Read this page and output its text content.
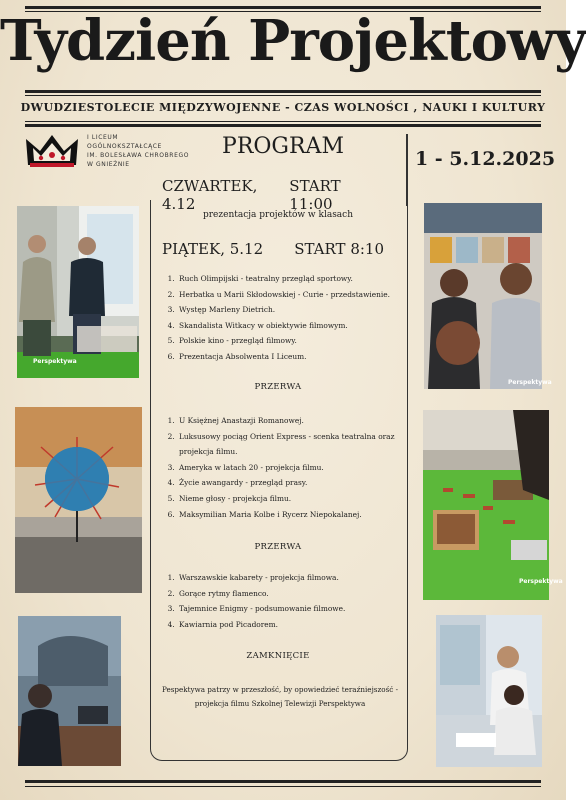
Tydzień Projektowy
DWUDZIESTOLECIE MIĘDZYWOJENNE - CZAS WOLNOŚCI , NAUKI I KULTURY
I LICEUM
OGÓLNOKSZTAŁCĄCE
IM. BOLESŁAWA CHROBREGO
W GNIEŹNIE
PROGRAM	1 - 5.12.2025
CZWARTEK, 4.12
START 11:00
prezentacja projektów w klasach
PIĄTEK, 5.12 START 8:10
1. Ruch Olimpijski - teatralny przegląd sportowy.
2. Herbatka u Marii Skłodowskiej - Curie - przedstawienie.
3. Występ Marleny Dietrich.
4. Skandalista Witkacy w obiektywie filmowym.
5. Polskie kino - przegląd filmowy.
6. Prezentacja Absolwenta I Liceum.
PRZERWA
1. U Księżnej Anastazji Romanowej.
2. Luksusowy pociąg Orient Express - scenka teatralna oraz
projekcja filmu.
3. Ameryka w latach 20 - projekcja filmu.
4. Życie awangardy - przegląd prasy.
5. Nieme głosy - projekcja filmu.
6. Maksymilian Maria Kolbe i Rycerz Niepokalanej.
PRZERWA
1. Warszawskie kabarety - projekcja filmowa.
2. Gorące rytmy flamenco.
3. Tajemnice Enigmy - podsumowanie filmowe.
4. Kawiarnia pod Picadorem.
ZAMKNIĘCIE
Pespektywa patrzy w przeszłość, by opowiedzieć teraźniejszość - projekcja filmu Szkolnej Telewizji Perspektywa
Perspektywa
Perspektywa
Perspektywa
